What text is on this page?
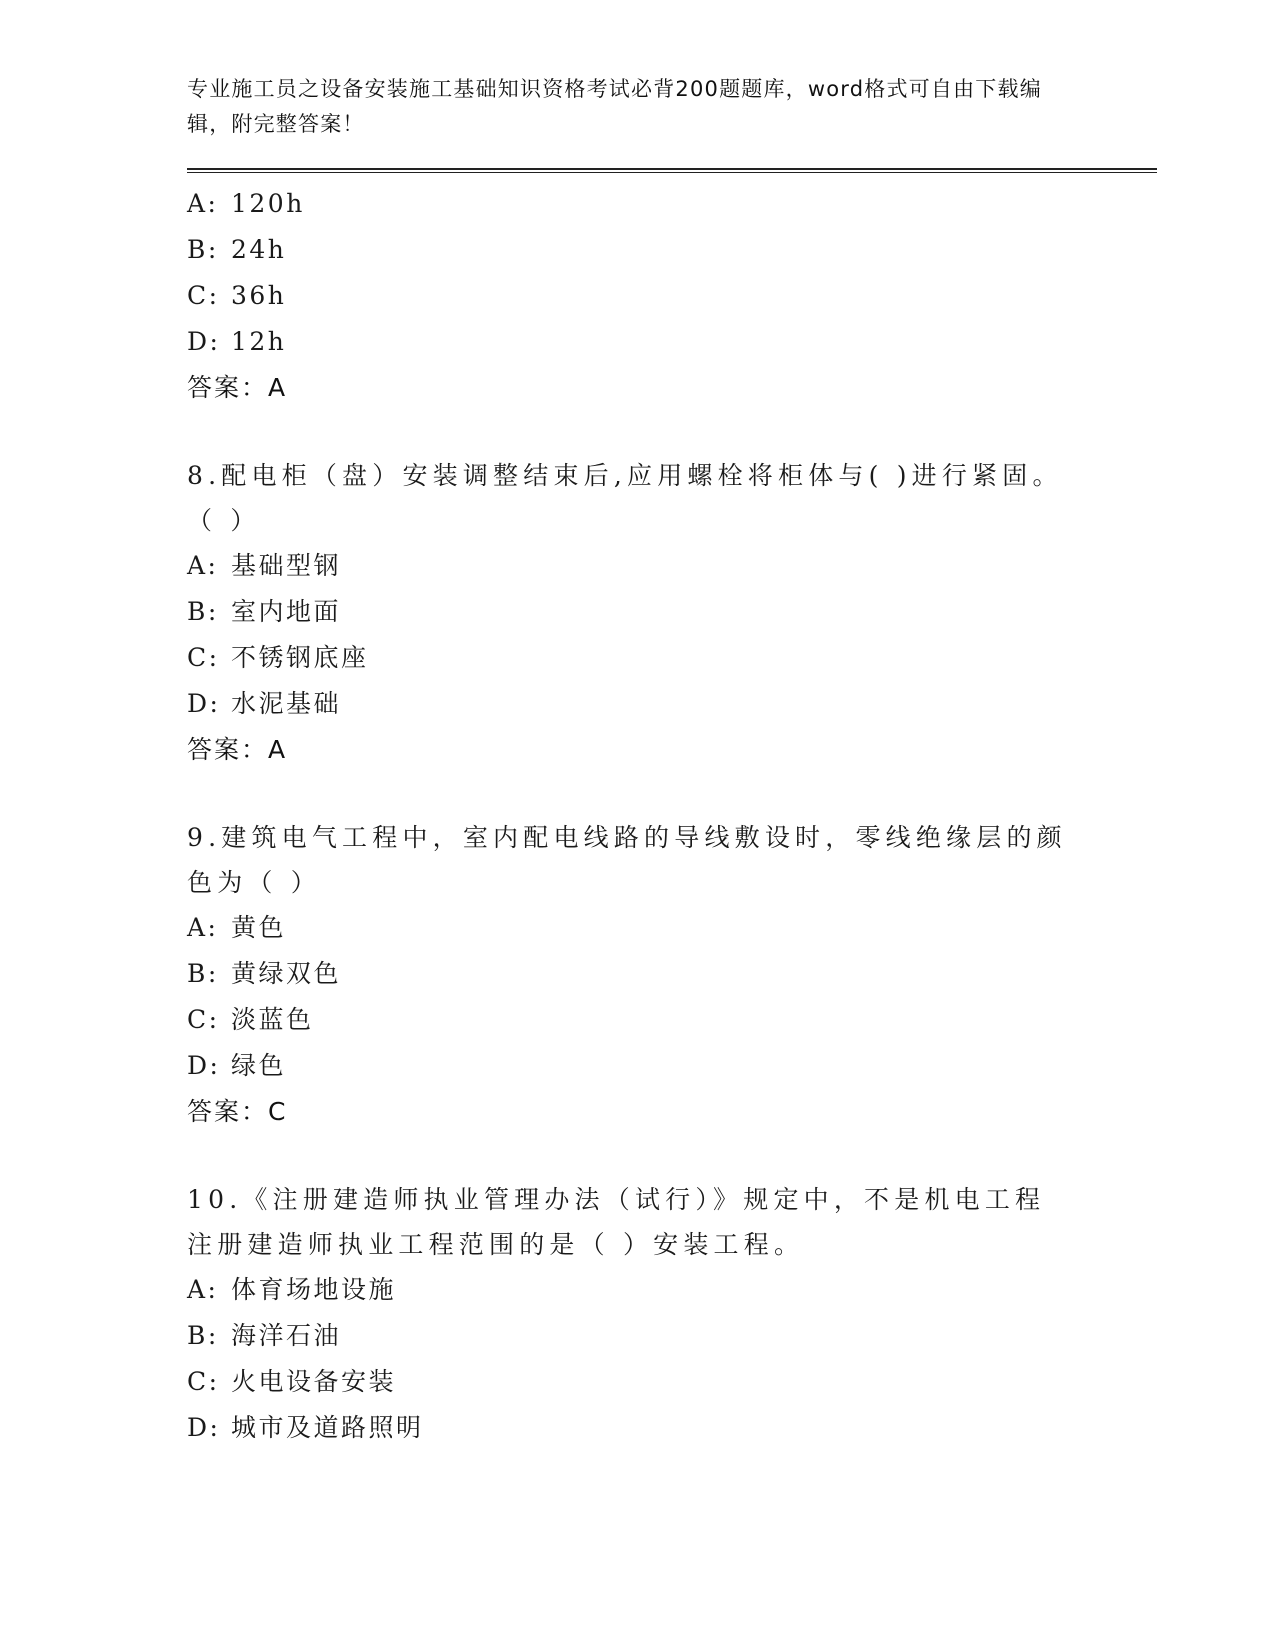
专业施工员之设备安装施工基础知识资格考试必背200题题库，word格式可自由下载编辑，附完整答案！

A: 120h

B: 24h

C: 36h

D: 12h

答案：A

8.配电柜（盘）安装调整结束后,应用螺栓将柜体与( )进行紧固。（ ）

A: 基础型钢

B: 室内地面

C: 不锈钢底座

D: 水泥基础

答案：A

9.建筑电气工程中，室内配电线路的导线敷设时，零线绝缘层的颜色为（ ）

A: 黄色

B: 黄绿双色

C: 淡蓝色

D: 绿色

答案：C

10.《注册建造师执业管理办法（试行）》规定中，不是机电工程注册建造师执业工程范围的是（ ）安装工程。

A: 体育场地设施

B: 海洋石油

C: 火电设备安装

D: 城市及道路照明
